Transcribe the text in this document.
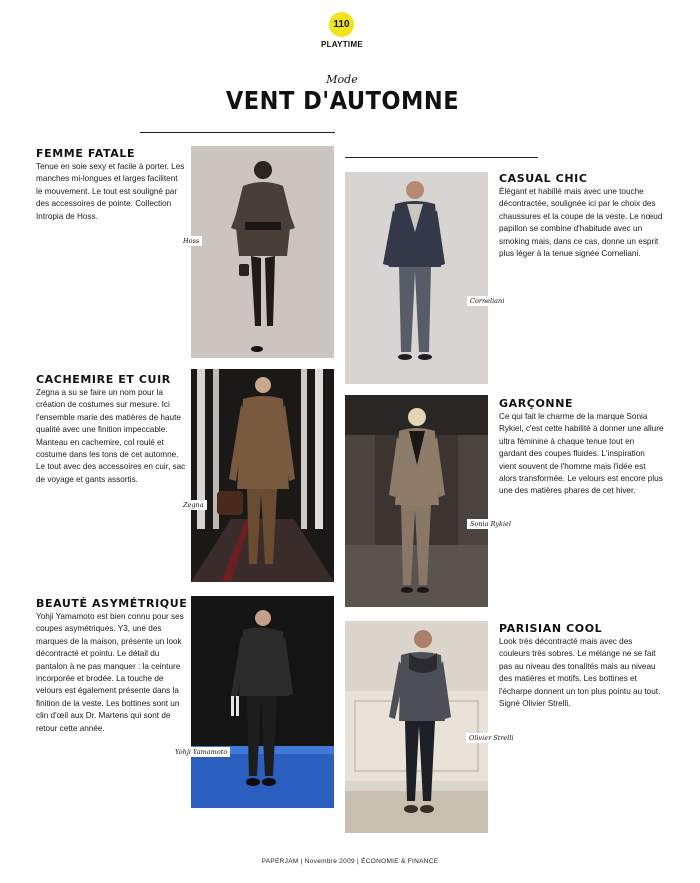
110
PLAYTIME
Mode
VENT D'AUTOMNE
FEMME FATALE
Tenue en soie sexy et facile à porter. Les manches mi-longues et larges facilitent le mouvement. Le tout est souligné par des accessoires de pointe. Collection Intropia de Hoss.
Hoss
Corneliani
CASUAL CHIC
Élégant et habillé mais avec une touche décontractée, soulignée ici par le choix des chaussures et la coupe de la veste. Le nœud papillon se combine d'habitude avec un smoking mais, dans ce cas, donne un esprit plus léger à la tenue signée Corneliani.
CACHEMIRE ET CUIR
Zegna a su se faire un nom pour la création de costumes sur mesure. Ici l'ensemble marie des matières de haute qualité avec une finition impeccable. Manteau en cachemire, col roulé et costume dans les tons de cet automne. Le tout avec des accessoires en cuir, sac de voyage et gants assortis.
Zegna
Sonia Rykiel
GARÇONNE
Ce qui fait le charme de la marque Sonia Rykiel, c'est cette habilité à donner une allure ultra féminine à chaque tenue tout en gardant des coupes fluides. L'inspiration vient souvent de l'homme mais l'idée est alors transformée. Le velours est encore plus une des matières phares de cet hiver.
BEAUTÉ ASYMÉTRIQUE
Yohji Yamamoto est bien connu pour ses coupes asymétriques. Y3, une des marques de la maison, présente un look décontracté et pointu. Le détail du pantalon à ne pas manquer : la ceinture incorporée et brodée. La touche de velours est également présente dans la finition de la veste. Les bottines sont un clin d'œil aux Dr. Martens qui sont de retour cette année.
Yohji Yamamoto
Olivier Strelli
PARISIAN COOL
Look très décontracté mais avec des couleurs très sobres. Le mélange ne se fait pas au niveau des tonalités mais au niveau des matières et motifs. Les bottines et l'écharpe donnent un ton plus pointu au tout. Signé Olivier Strelli.
PAPERJAM | Novembre 2009 | ÉCONOMIE & FINANCE
